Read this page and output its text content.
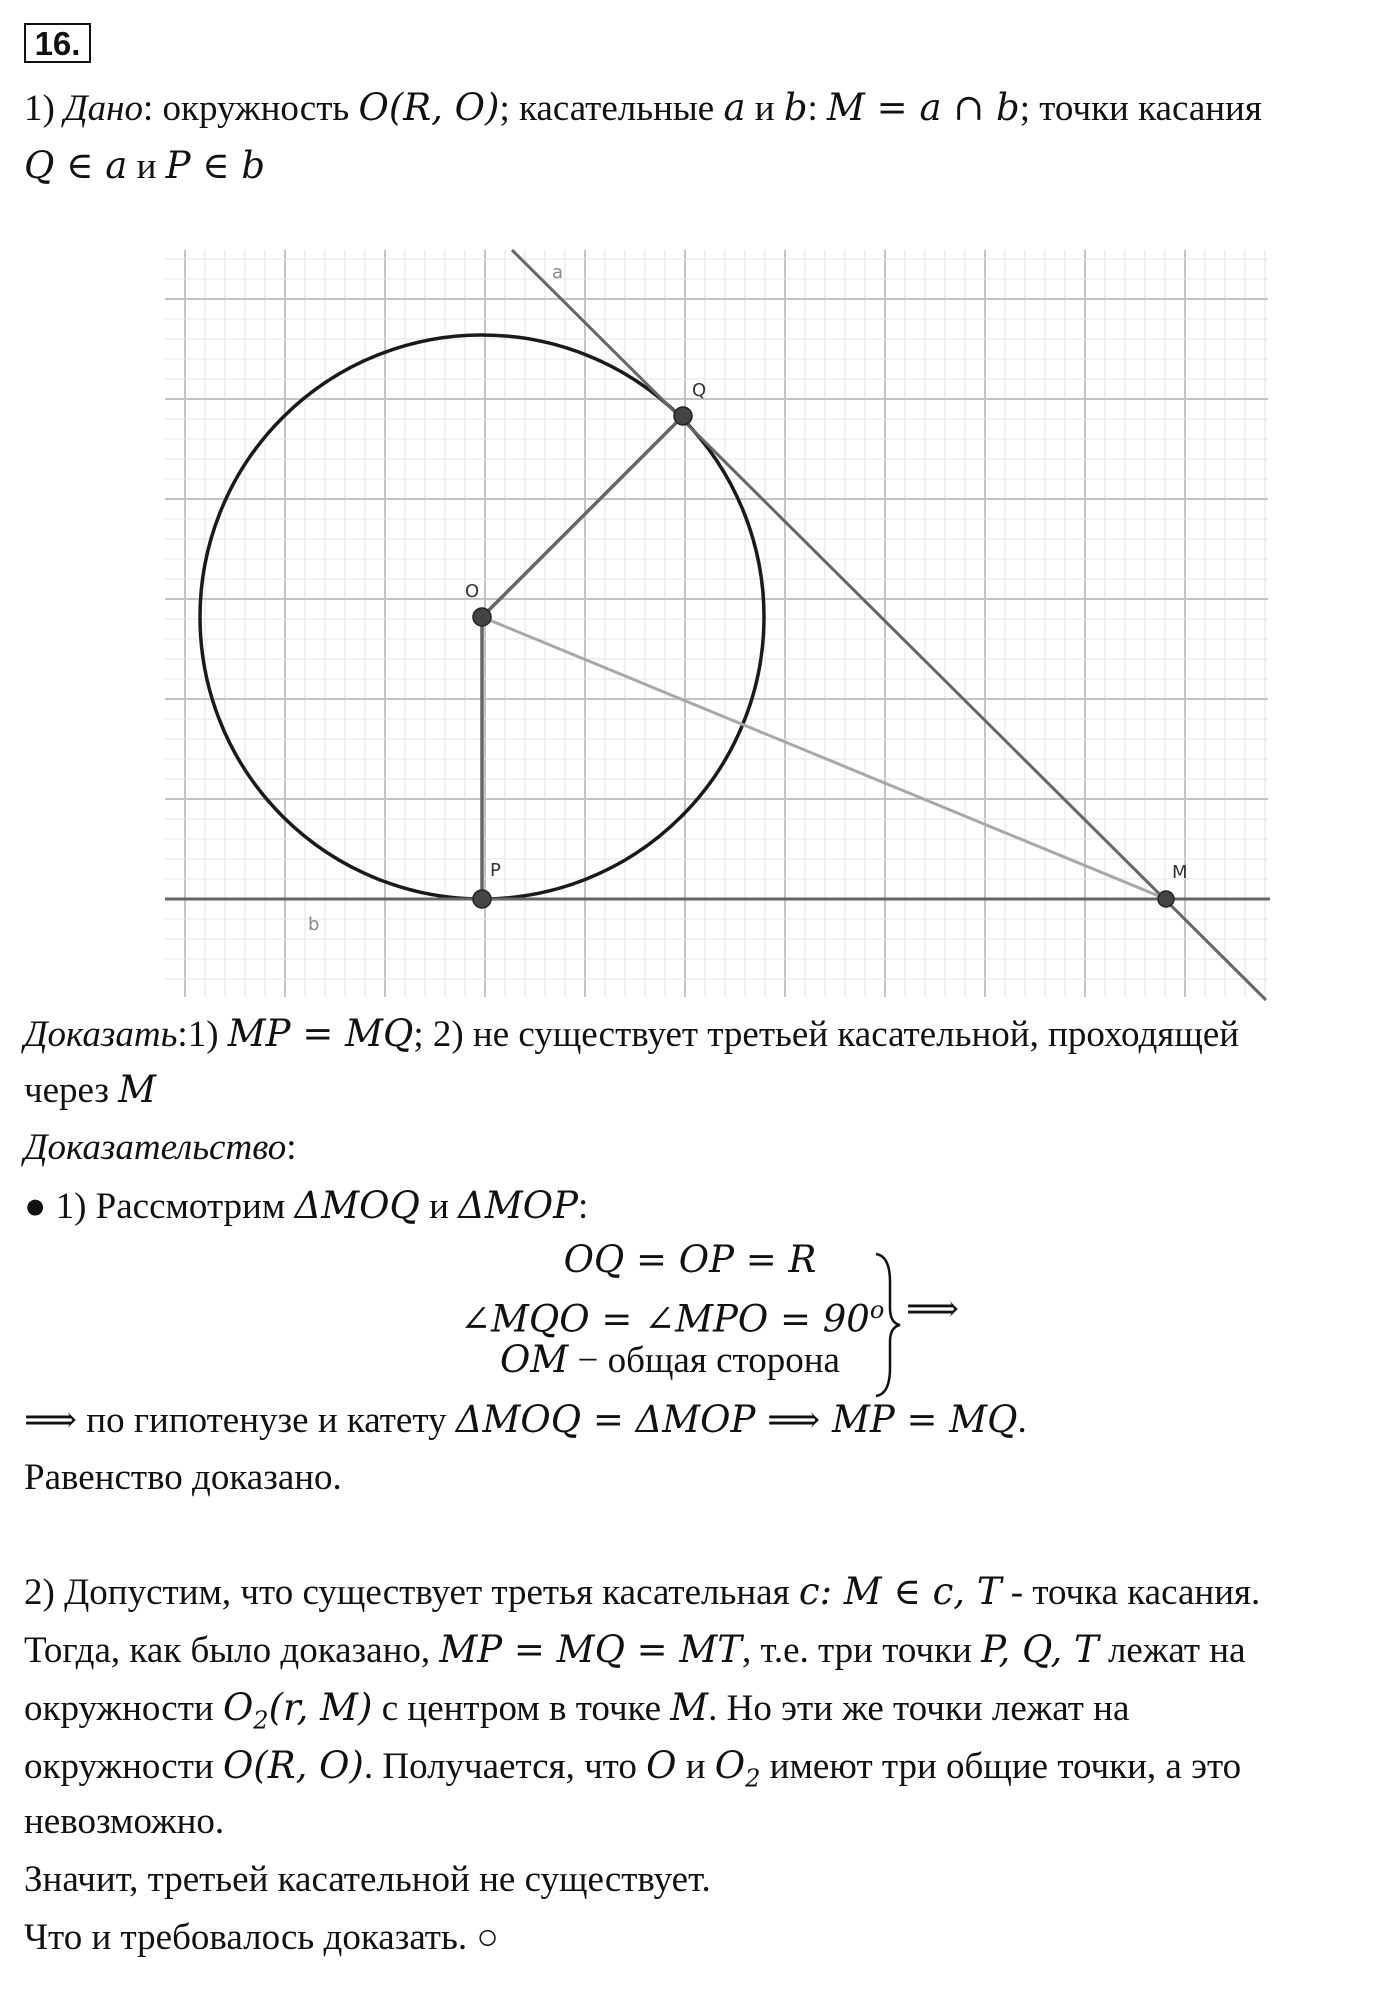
16.
1) Дано: окружность O(R, O); касательные a и b: M = a ∩ b; точки касания
Q ∈ a и P ∈ b
a
Q
O
P	M
b
Доказать:1) MP = MQ; 2) не существует третьей касательной, проходящей
через M
Доказательство:
● 1) Рассмотрим ΔMOQ и ΔMOP:
OQ = OP = R
∠MQO = ∠MPO = $90^o$
OM − общая сторона
⟹
⟹ по гипотенузе и катету ΔMOQ = ΔMOP ⟹ MP = MQ.
Равенство доказано.
2) Допустим, что существует третья касательная c: M ∈ c, T - точка касания.
Тогда, как было доказано, MP = MQ = MT, т.е. три точки P, Q, T лежат на
окружности $O_2(r$, M) с центром в точке M. Но эти же точки лежат на
окружности O(R, O). Получается, что O и $O_2$ имеют три общие точки, а это
невозможно.
Значит, третьей касательной не существует.
Что и требовалось доказать. ○
